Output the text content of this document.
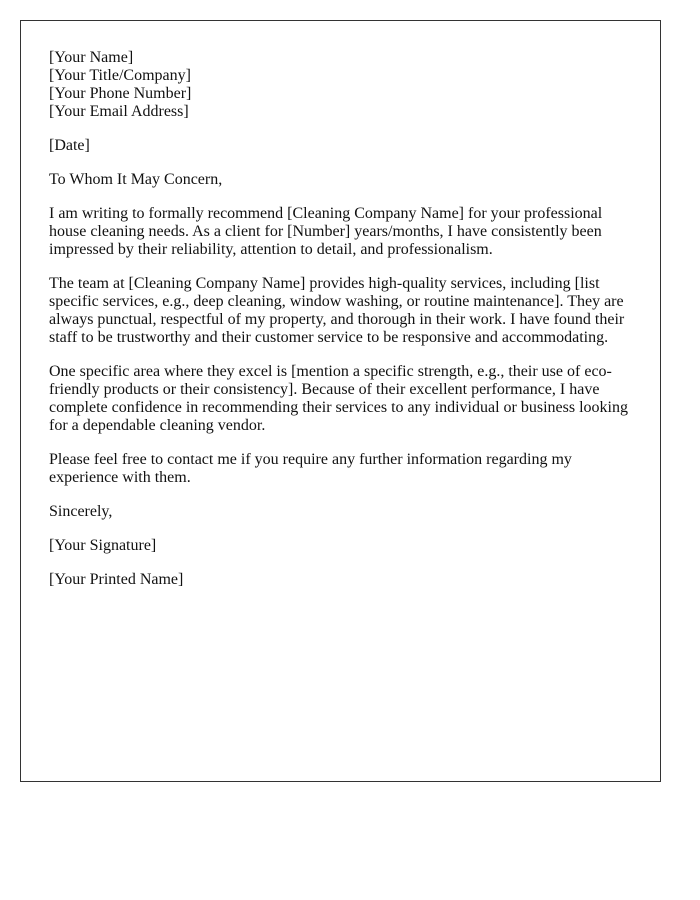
[Your Name]

[Your Title/Company]

[Your Phone Number]

[Your Email Address]

[Date]

To Whom It May Concern,

I am writing to formally recommend [Cleaning Company Name] for your professional house cleaning needs. As a client for [Number] years/months, I have consistently been impressed by their reliability, attention to detail, and professionalism.

The team at [Cleaning Company Name] provides high-quality services, including [list specific services, e.g., deep cleaning, window washing, or routine maintenance]. They are always punctual, respectful of my property, and thorough in their work. I have found their staff to be trustworthy and their customer service to be responsive and accommodating.

One specific area where they excel is [mention a specific strength, e.g., their use of eco-friendly products or their consistency]. Because of their excellent performance, I have complete confidence in recommending their services to any individual or business looking for a dependable cleaning vendor.

Please feel free to contact me if you require any further information regarding my experience with them.

Sincerely,

[Your Signature]

[Your Printed Name]
